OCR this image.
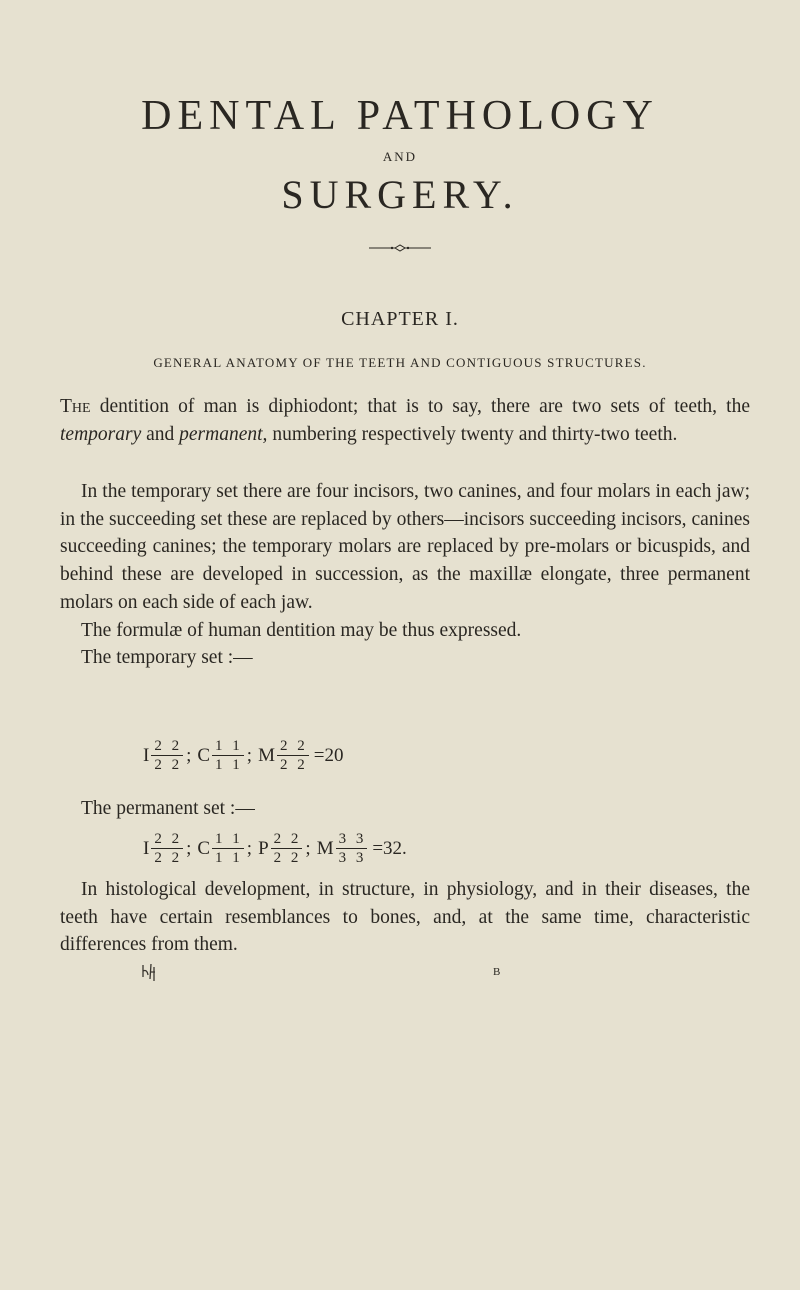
DENTAL PATHOLOGY
AND
SURGERY.
CHAPTER I.
GENERAL ANATOMY OF THE TEETH AND CONTIGUOUS STRUCTURES.

The dentition of man is diphiodont; that is to say, there are two sets of teeth, the temporary and permanent, numbering respectively twenty and thirty-two teeth.

In the temporary set there are four incisors, two canines, and four molars in each jaw; in the succeeding set these are replaced by others—incisors succeeding incisors, canines succeeding canines; the temporary molars are replaced by pre-molars or bicuspids, and behind these are developed in succession, as the maxillæ elongate, three permanent molars on each side of each jaw.

The formulæ of human dentition may be thus expressed.

The temporary set :—

I $\frac{2 2}{2 2}$ ; C $\frac{1 1}{1 1}$ ; M $\frac{2 2}{2 2} =20$

The permanent set :—

I $\frac{2 2}{2 2}$ ; C $\frac{1 1}{1 1}$ ; P $\frac{2 2}{2 2}$ ; M $\frac{3 3}{3 3} =32$.

In histological development, in structure, in physiology, and in their diseases, the teeth have certain resemblances to bones, and, at the same time, characteristic differences from them.

B
